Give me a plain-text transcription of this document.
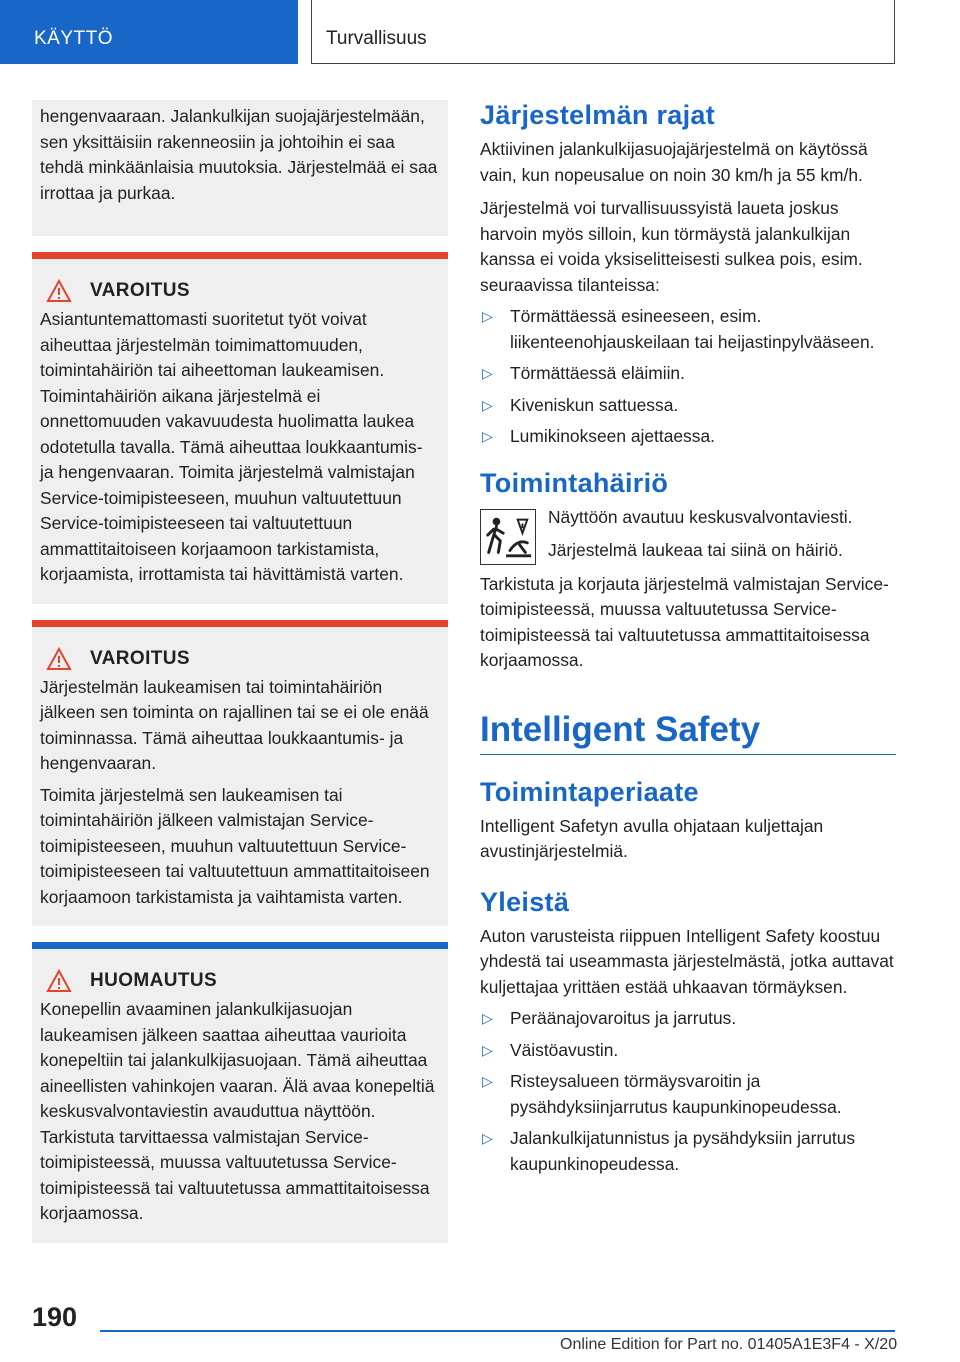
KÄYTTÖ	Turvallisuus

hengenvaaraan. Jalankulkijan suojajärjestelmään, sen yksittäisiin rakenneosiin ja johtoihin ei saa tehdä minkäänlaisia muutoksia. Järjestelmää ei saa irrottaa ja purkaa.

VAROITUS

Asiantuntemattomasti suoritetut työt voivat aiheuttaa järjestelmän toimimattomuuden, toimintahäiriön tai aiheettoman laukeamisen. Toimintahäiriön aikana järjestelmä ei onnettomuuden vakavuudesta huolimatta laukea odotetulla tavalla. Tämä aiheuttaa loukkaantumis- ja hengenvaaran. Toimita järjestelmä valmistajan Service-toimipisteeseen, muuhun valtuutettuun Service-toimipisteeseen tai valtuutettuun ammattitaitoiseen korjaamoon tarkistamista, korjaamista, irrottamista tai hävittämistä varten.

VAROITUS

Järjestelmän laukeamisen tai toimintahäiriön jälkeen sen toiminta on rajallinen tai se ei ole enää toiminnassa. Tämä aiheuttaa loukkaantumis- ja hengenvaaran.

Toimita järjestelmä sen laukeamisen tai toimintahäiriön jälkeen valmistajan Service-toimipisteeseen, muuhun valtuutettuun Service-toimipisteeseen tai valtuutettuun ammattitaitoiseen korjaamoon tarkistamista ja vaihtamista varten.

HUOMAUTUS

Konepellin avaaminen jalankulkijasuojan laukeamisen jälkeen saattaa aiheuttaa vaurioita konepeltiin tai jalankulkijasuojaan. Tämä aiheuttaa aineellisten vahinkojen vaaran. Älä avaa konepeltiä keskusvalvontaviestin avauduttua näyttöön. Tarkistuta tarvittaessa valmistajan Service-toimipisteessä, muussa valtuutetussa Service-toimipisteessä tai valtuutetussa ammattitaitoisessa korjaamossa.

Järjestelmän rajat

Aktiivinen jalankulkijasuojajärjestelmä on käytössä vain, kun nopeusalue on noin 30 km/h ja 55 km/h.

Järjestelmä voi turvallisuussyistä laueta joskus harvoin myös silloin, kun törmäystä jalankulkijan kanssa ei voida yksiselitteisesti sulkea pois, esim. seuraavissa tilanteissa:

▷ Törmättäessä esineeseen, esim. liikenteenohjauskeilaan tai heijastinpylvääseen.
▷ Törmättäessä eläimiin.
▷ Kiveniskun sattuessa.
▷ Lumikinokseen ajettaessa.
Toimintahäiriö

Näyttöön avautuu keskusvalvontaviesti.

Järjestelmä laukeaa tai siinä on häiriö.

Tarkistuta ja korjauta järjestelmä valmistajan Service-toimipisteessä, muussa valtuutetussa Service-toimipisteessä tai valtuutetussa ammattitaitoisessa korjaamossa.

Intelligent Safety
Toimintaperiaate

Intelligent Safetyn avulla ohjataan kuljettajan avustinjärjestelmiä.

Yleistä

Auton varusteista riippuen Intelligent Safety koostuu yhdestä tai useammasta järjestelmästä, jotka auttavat kuljettajaa yrittäen estää uhkaavan törmäyksen.

▷ Peräänajovaroitus ja jarrutus.
▷ Väistöavustin.
▷ Risteysalueen törmäysvaroitin ja pysähdyksiinjarrutus kaupunkinopeudessa.
▷ Jalankulkijatunnistus ja pysähdyksiin jarrutus kaupunkinopeudessa.
190
Online Edition for Part no. 01405A1E3F4 - X/20
